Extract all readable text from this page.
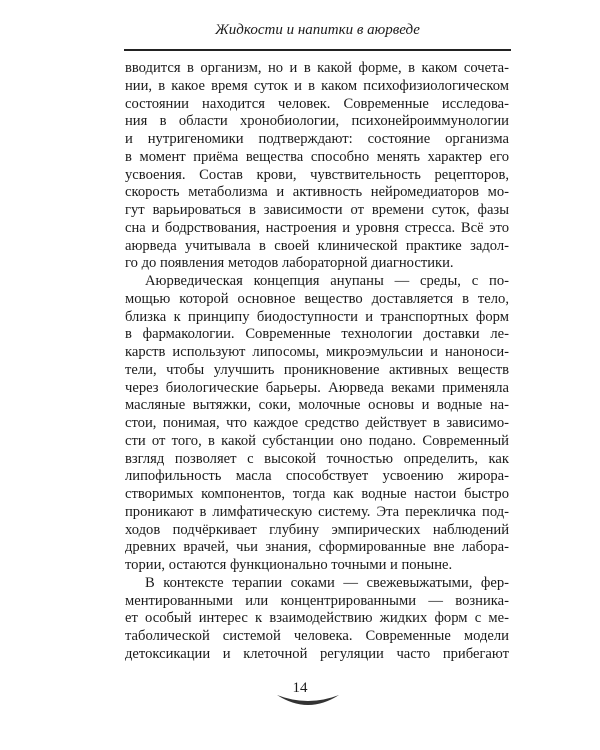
Жидкости и напитки в аюрведе
вводится в организм, но и в какой форме, в каком сочета-
нии, в какое время суток и в каком психофизиологическом
состоянии находится человек. Современные исследова-
ния в области хронобиологии, психонейроиммунологии
и нутригеномики подтверждают: состояние организма
в момент приёма вещества способно менять характер его
усвоения. Состав крови, чувствительность рецепторов,
скорость метаболизма и активность нейромедиаторов мо-
гут варьироваться в зависимости от времени суток, фазы
сна и бодрствования, настроения и уровня стресса. Всё это
аюрведа учитывала в своей клинической практике задол-
го до появления методов лабораторной диагностики.
Аюрведическая концепция анупаны — среды, с по-
мощью которой основное вещество доставляется в тело,
близка к принципу биодоступности и транспортных форм
в фармакологии. Современные технологии доставки ле-
карств используют липосомы, микроэмульсии и наноноси-
тели, чтобы улучшить проникновение активных веществ
через биологические барьеры. Аюрведа веками применяла
масляные вытяжки, соки, молочные основы и водные на-
стои, понимая, что каждое средство действует в зависимо-
сти от того, в какой субстанции оно подано. Современный
взгляд позволяет с высокой точностью определить, как
липофильность масла способствует усвоению жирора-
створимых компонентов, тогда как водные настои быстро
проникают в лимфатическую систему. Эта перекличка под-
ходов подчёркивает глубину эмпирических наблюдений
древних врачей, чьи знания, сформированные вне лабора-
тории, остаются функционально точными и поныне.
В контексте терапии соками — свежевыжатыми, фер-
ментированными или концентрированными — возника-
ет особый интерес к взаимодействию жидких форм с ме-
таболической системой человека. Современные модели
детоксикации и клеточной регуляции часто прибегают
14
